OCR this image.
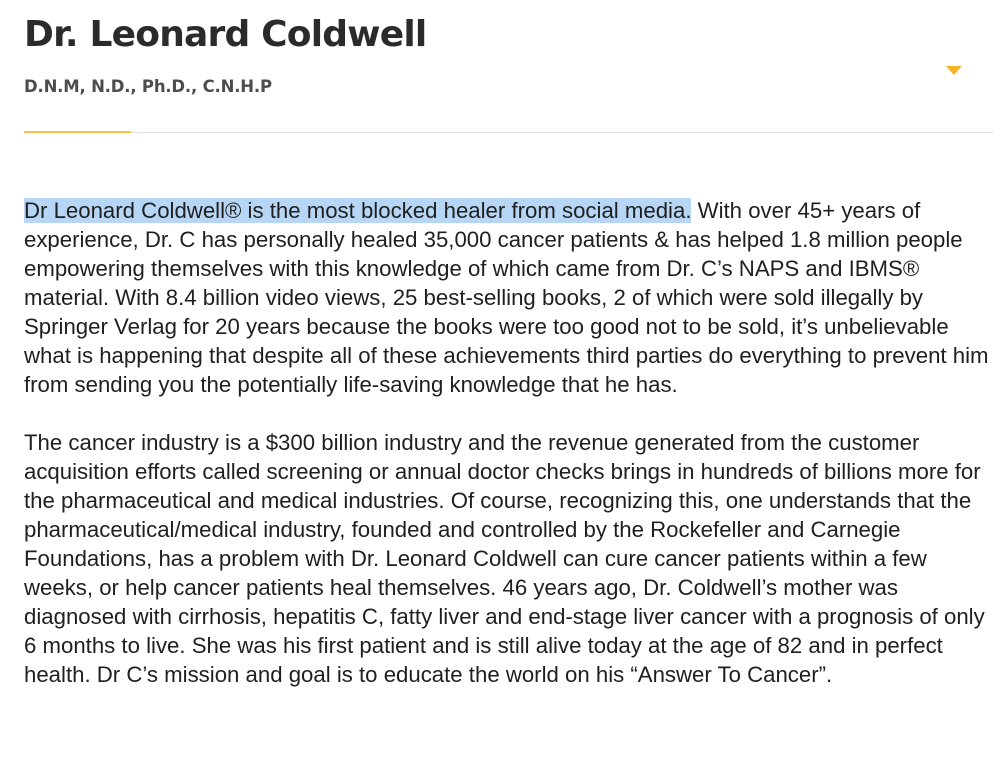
Dr. Leonard Coldwell
D.N.M, N.D., Ph.D., C.N.H.P

Dr Leonard Coldwell® is the most blocked healer from social media. With over 45+ years of experience, Dr. C has personally healed 35,000 cancer patients & has helped 1.8 million people empowering themselves with this knowledge of which came from Dr. C’s NAPS and IBMS® material. With 8.4 billion video views, 25 best-selling books, 2 of which were sold illegally by Springer Verlag for 20 years because the books were too good not to be sold, it’s unbelievable what is happening that despite all of these achievements third parties do everything to prevent him from sending you the potentially life-saving knowledge that he has.

The cancer industry is a $300 billion industry and the revenue generated from the customer acquisition efforts called screening or annual doctor checks brings in hundreds of billions more for the pharmaceutical and medical industries. Of course, recognizing this, one understands that the pharmaceutical/medical industry, founded and controlled by the Rockefeller and Carnegie Foundations, has a problem with Dr. Leonard Coldwell can cure cancer patients within a few weeks, or help cancer patients heal themselves. 46 years ago, Dr. Coldwell’s mother was diagnosed with cirrhosis, hepatitis C, fatty liver and end-stage liver cancer with a prognosis of only 6 months to live. She was his first patient and is still alive today at the age of 82 and in perfect health. Dr C’s mission and goal is to educate the world on his “Answer To Cancer”.
